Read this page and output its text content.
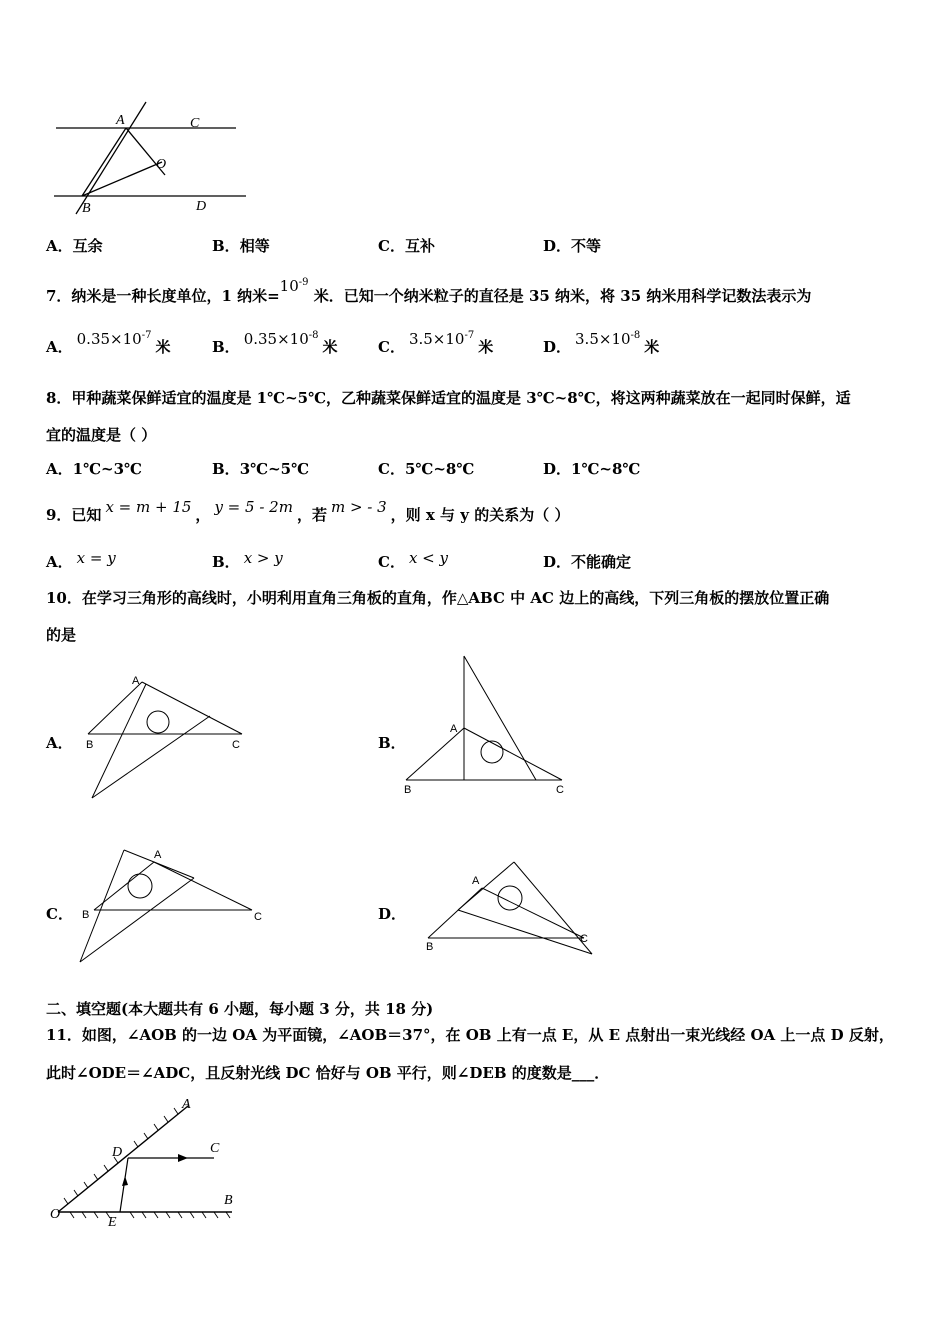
A	C
O
B	D
A．互余	B．相等	C．互补	D．不等
7．纳米是一种长度单位，1 纳米$=10^{-9}$ 米．已知一个纳米粒子的直径是 35 纳米，将 35 纳米用科学记数法表示为
A． $0.35\times 10^{-7}$米	B． $0.35\times 10^{-8}$米	C． $3.5\times 10^{-7}$米	D． $3.5\times 10^{-8}$米
8．甲种蔬菜保鲜适宜的温度是 1℃~5℃，乙种蔬菜保鲜适宜的温度是 3℃~8℃，将这两种蔬菜放在一起同时保鲜，适
宜的温度是（ ）
A．1℃~3℃	B．3℃~5℃	C．5℃~8℃	D．1℃~8℃
9．已知 x = m + 15 ， y = 5 - 2m ，若 m > - 3 ，则 x 与 y 的关系为（ ）
A． x = y	B． x > y	C． x < y	D．不能确定
10．在学习三角形的高线时，小明利用直角三角板的直角，作△ABC 中 AC 边上的高线，下列三角板的摆放位置正确
的是
A．
A
B	C	B．
A
B	C
C．
A
B	C	D．
A
B
C
二、填空题(本大题共有 6 小题，每小题 3 分，共 18 分)
11．如图，∠AOB 的一边 OA 为平面镜，∠AOB＝37°，在 OB 上有一点 E，从 E 点射出一束光线经 OA 上一点 D 反射，
此时∠ODE＝∠ADC，且反射光线 DC 恰好与 OB 平行，则∠DEB 的度数是___．
A
D	C
B
O
E
